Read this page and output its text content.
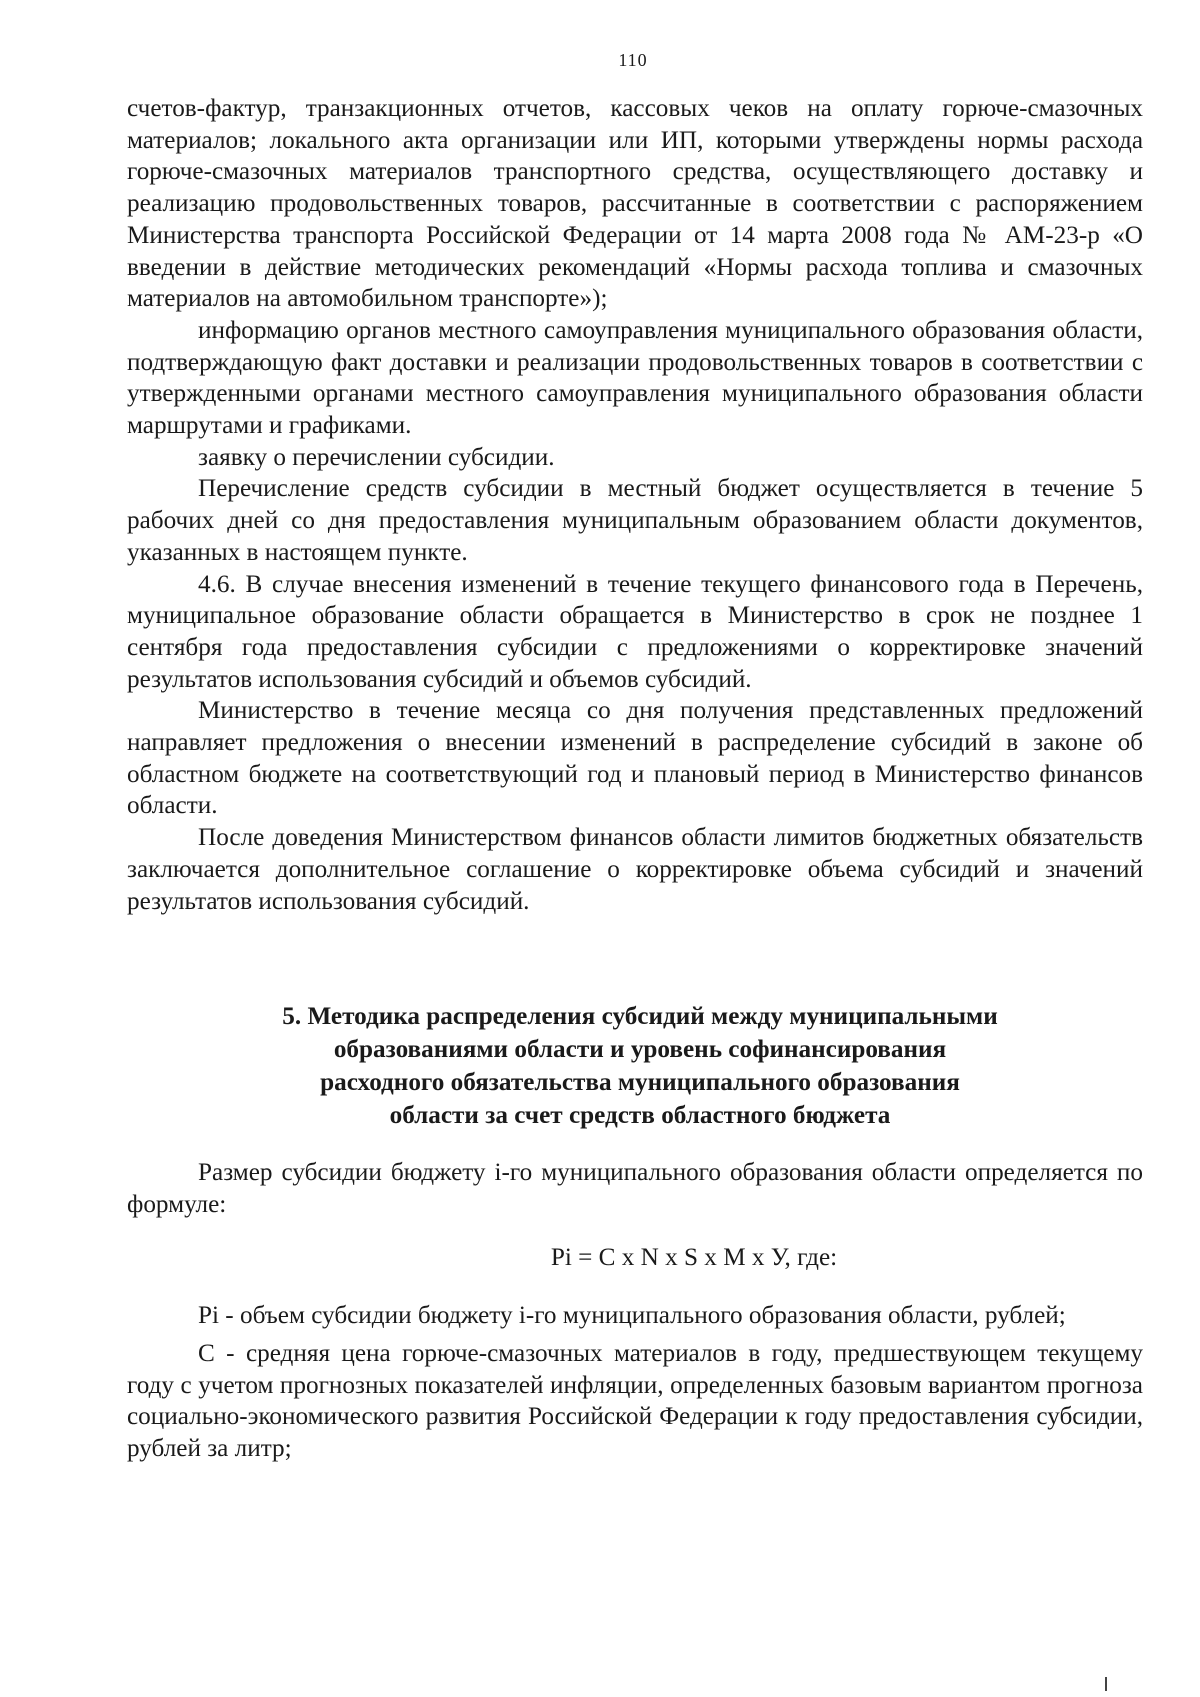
110

счетов-фактур, транзакционных отчетов, кассовых чеков на оплату горюче-смазочных материалов; локального акта организации или ИП, которыми утверждены нормы расхода горюче-смазочных материалов транспортного средства, осуществляющего доставку и реализацию продовольственных товаров, рассчитанные в соответствии с распоряжением Министерства транспорта Российской Федерации от 14 марта 2008 года № АМ-23-р «О введении в действие методических рекомендаций «Нормы расхода топлива и смазочных материалов на автомобильном транспорте»);

информацию органов местного самоуправления муниципального образования области, подтверждающую факт доставки и реализации продовольственных товаров в соответствии с утвержденными органами местного самоуправления муниципального образования области маршрутами и графиками.

заявку о перечислении субсидии.

Перечисление средств субсидии в местный бюджет осуществляется в течение 5 рабочих дней со дня предоставления муниципальным образованием области документов, указанных в настоящем пункте.

4.6. В случае внесения изменений в течение текущего финансового года в Перечень, муниципальное образование области обращается в Министерство в срок не позднее 1 сентября года предоставления субсидии с предложениями о корректировке значений результатов использования субсидий и объемов субсидий.

Министерство в течение месяца со дня получения представленных предложений направляет предложения о внесении изменений в распределение субсидий в законе об областном бюджете на соответствующий год и плановый период в Министерство финансов области.

После доведения Министерством финансов области лимитов бюджетных обязательств заключается дополнительное соглашение о корректировке объема субсидий и значений результатов использования субсидий.

5. Методика распределения субсидий между муниципальными
образованиями области и уровень софинансирования
расходного обязательства муниципального образования
области за счет средств областного бюджета

Размер субсидии бюджету i-го муниципального образования области определяется по формуле:

Pi = C x N x S x M x У, где:

Pi - объем субсидии бюджету i-го муниципального образования области, рублей;

С - средняя цена горюче-смазочных материалов в году, предшествующем текущему году с учетом прогнозных показателей инфляции, определенных базовым вариантом прогноза социально-экономического развития Российской Федерации к году предоставления субсидии, рублей за литр;
